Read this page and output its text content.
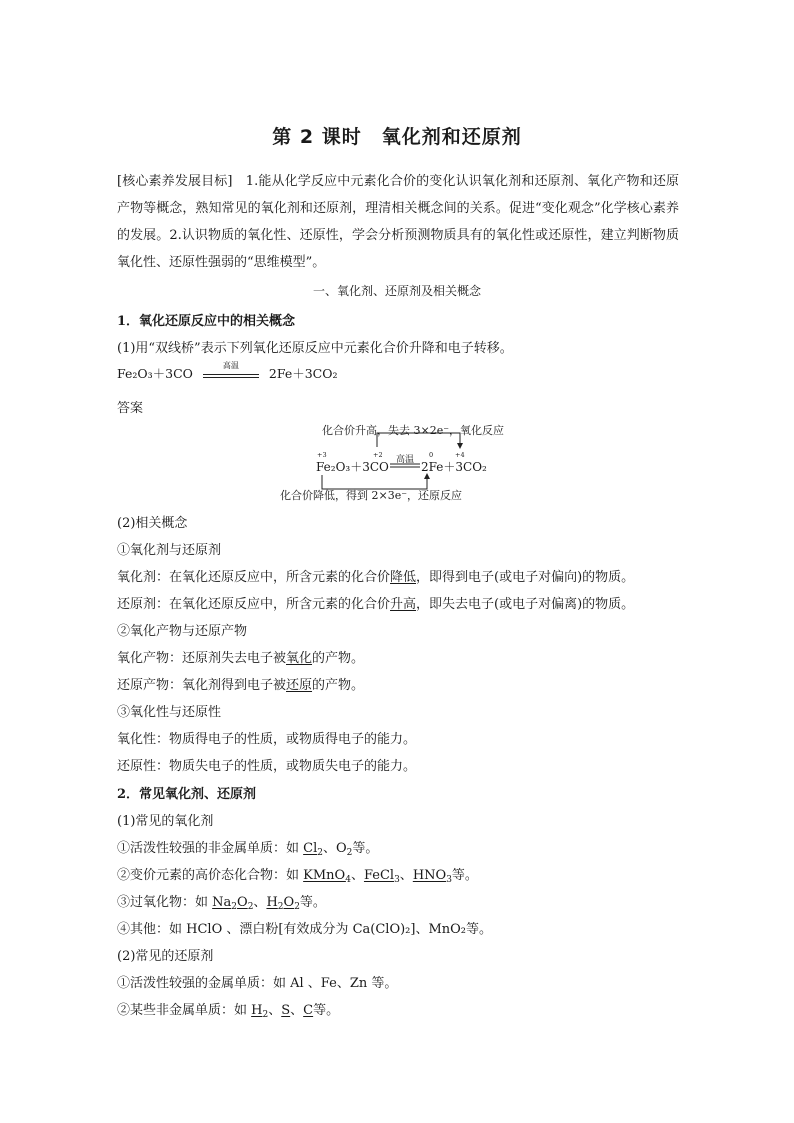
第 2 课时　氧化剂和还原剂
[核心素养发展目标]　1.能从化学反应中元素化合价的变化认识氧化剂和还原剂、氧化产物和还原产物等概念，熟知常见的氧化剂和还原剂，理清相关概念间的关系。促进“变化观念”化学核心素养的发展。2.认识物质的氧化性、还原性，学会分析预测物质具有的氧化性或还原性，建立判断物质氧化性、还原性强弱的“思维模型”。
一、氧化剂、还原剂及相关概念
1．氧化还原反应中的相关概念
(1)用“双线桥”表示下列氧化还原反应中元素化合价升降和电子转移。
Fe₂O₃＋3CO
高温
2Fe＋3CO₂
答案
化合价升高，失去 3×2e⁻，氧化反应
+3	+2	0	+4
Fe₂O₃＋3CO 高温 2Fe＋3CO₂
化合价降低，得到 2×3e⁻，还原反应
(2)相关概念
①氧化剂与还原剂
氧化剂：在氧化还原反应中，所含元素的化合价降低，即得到电子(或电子对偏向)的物质。
还原剂：在氧化还原反应中，所含元素的化合价升高，即失去电子(或电子对偏离)的物质。
②氧化产物与还原产物
氧化产物：还原剂失去电子被氧化的产物。
还原产物：氧化剂得到电子被还原的产物。
③氧化性与还原性
氧化性：物质得电子的性质，或物质得电子的能力。
还原性：物质失电子的性质，或物质失电子的能力。
2．常见氧化剂、还原剂
(1)常见的氧化剂
①活泼性较强的非金属单质：如 $Cl_2$、$O_2$等。
②变价元素的高价态化合物：如 KMnO$_4$、FeCl$_3$、$HNO_3$等。
③过氧化物：如 $Na_2O_2$、$H_2O_2$等。
④其他：如 HClO 、漂白粉[有效成分为 Ca(ClO)₂]、MnO₂等。
(2)常见的还原剂
①活泼性较强的金属单质：如 Al 、Fe、Zn 等。
②某些非金属单质：如 $H_2$、S、C等。
